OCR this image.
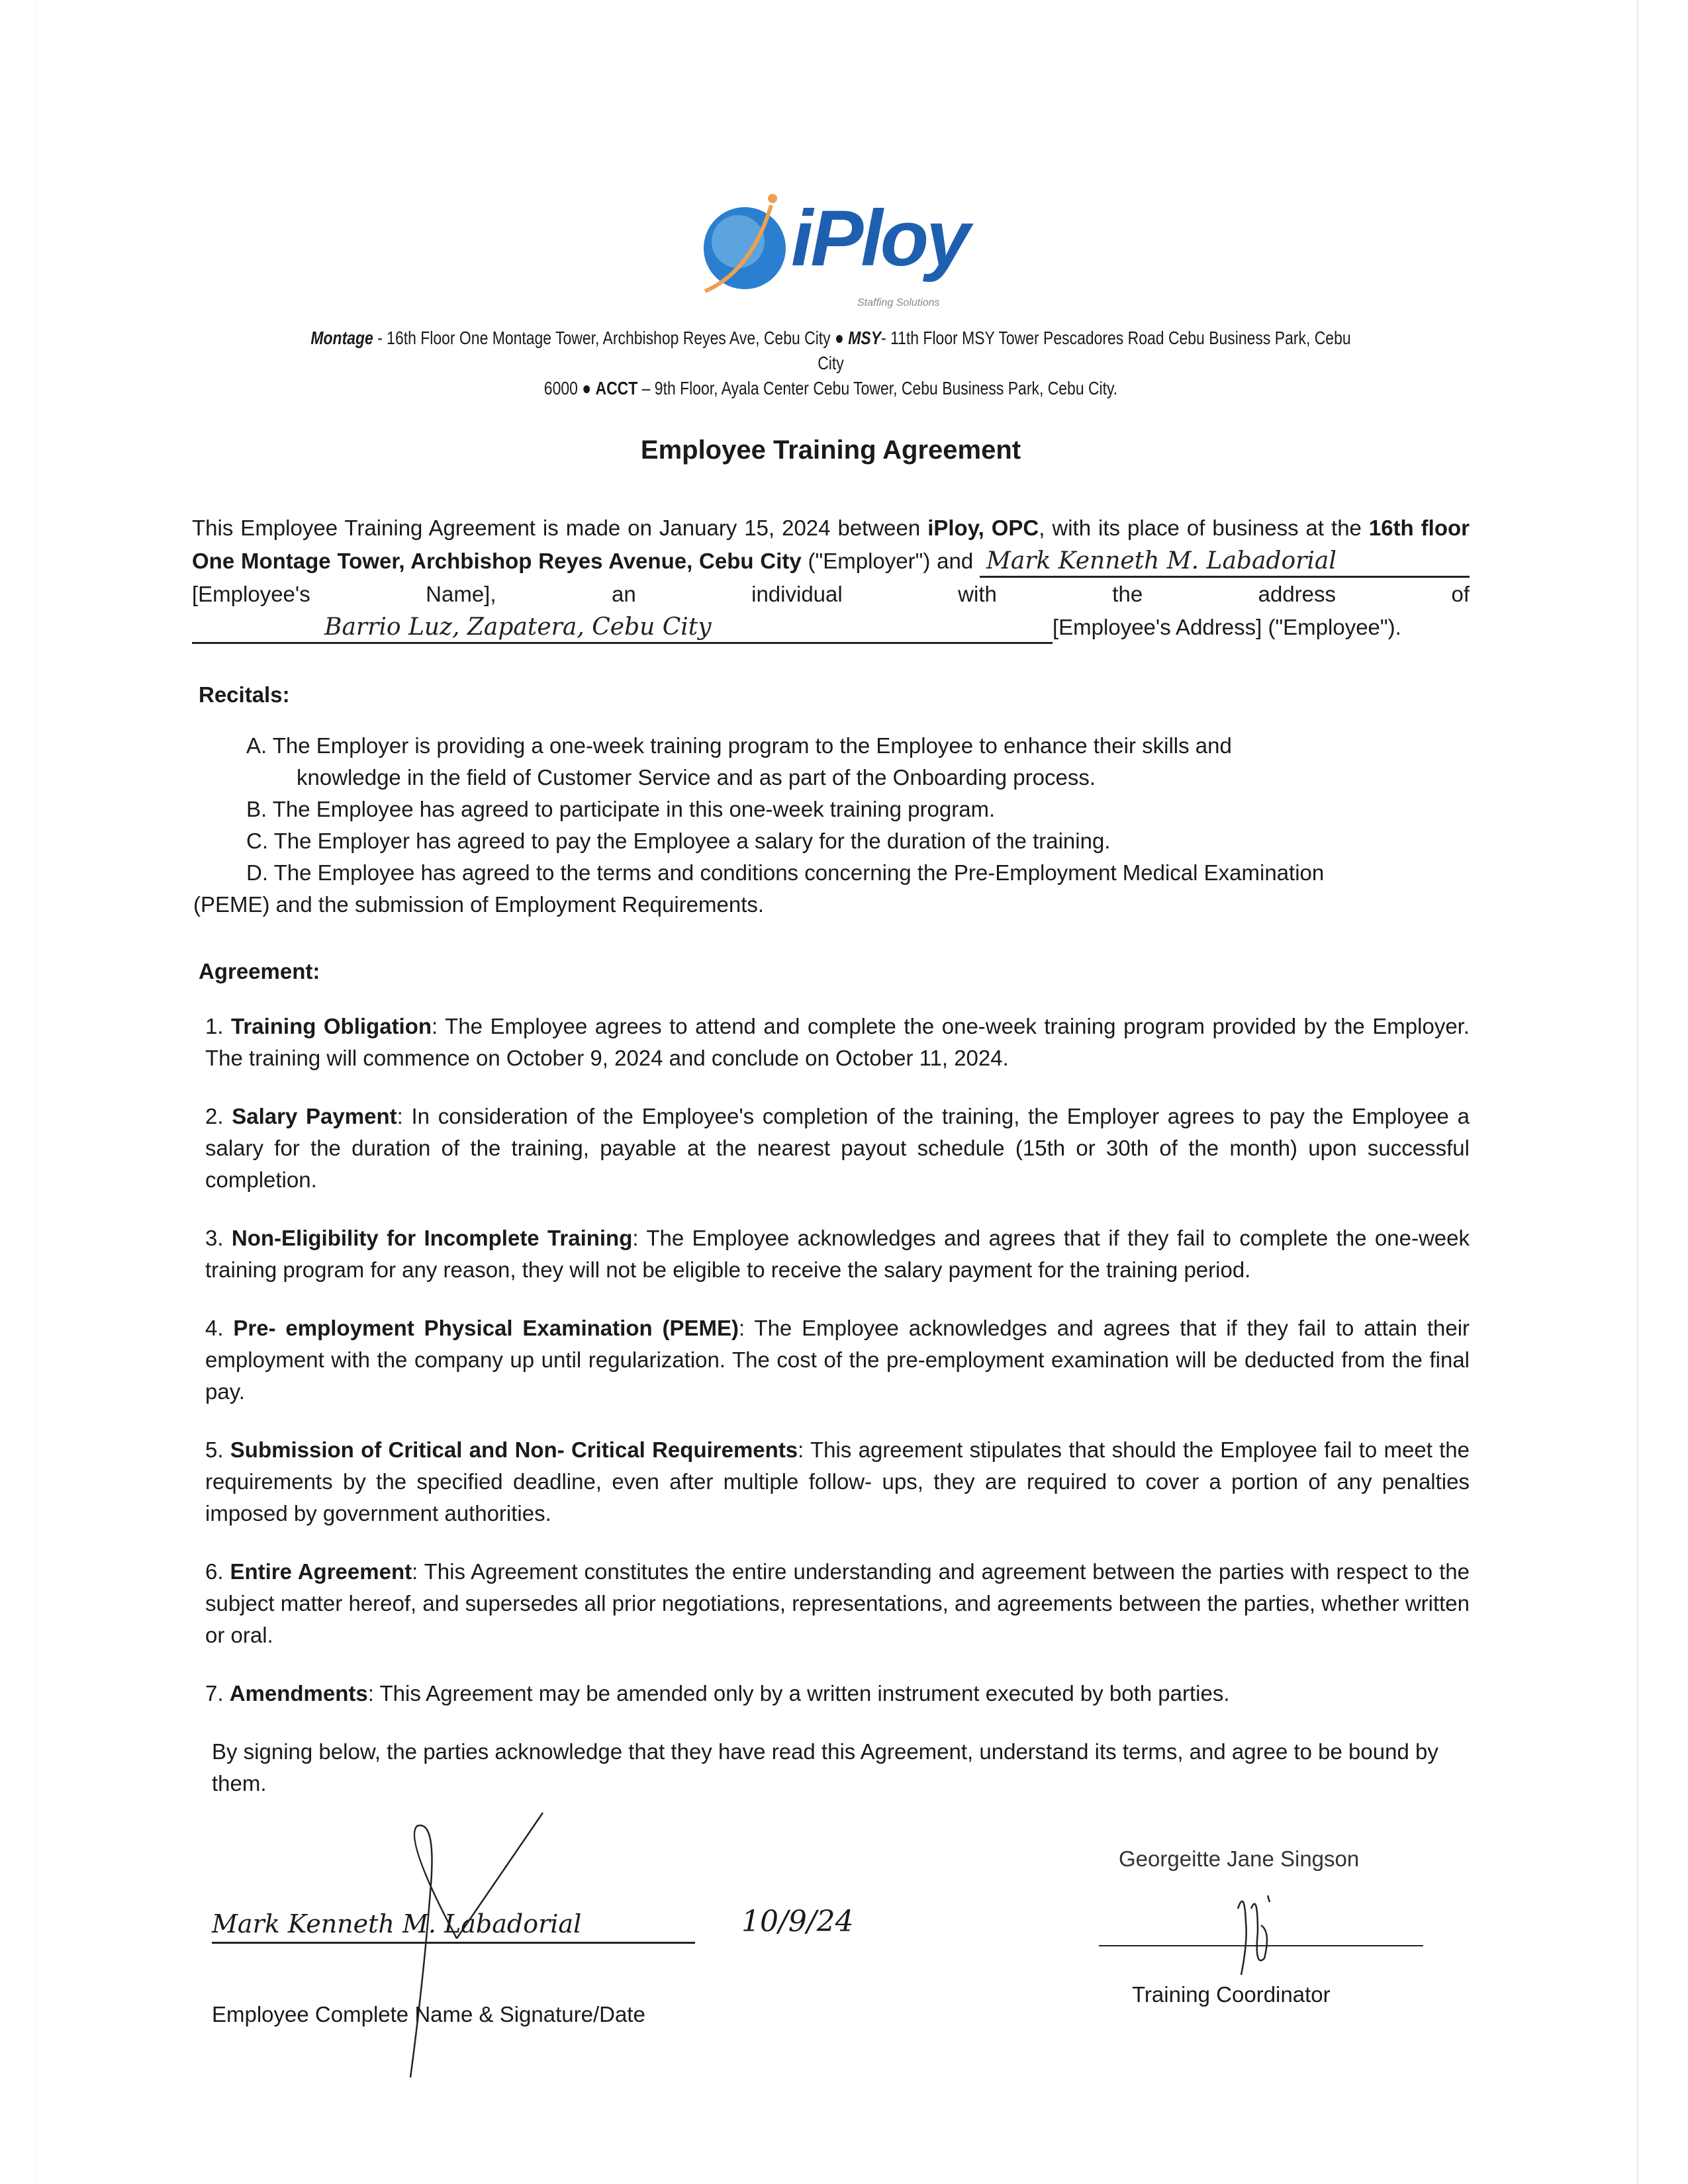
iPloy
Staffing Solutions
Montage - 16th Floor One Montage Tower, Archbishop Reyes Ave, Cebu City ● MSY- 11th Floor MSY Tower Pescadores Road Cebu Business Park, Cebu City
6000 ● ACCT – 9th Floor, Ayala Center Cebu Tower, Cebu Business Park, Cebu City.
Employee Training Agreement
This Employee Training Agreement is made on January 15, 2024 between iPloy, OPC, with its place of business at the 16th floor One Montage Tower, Archbishop Reyes Avenue, Cebu City ("Employer") and Mark Kenneth M. Labadorial [Employee's Name], an individual with the address of Barrio Luz, Zapatera, Cebu City	[Employee's Address] ("Employee").
Recitals:
A. The Employer is providing a one-week training program to the Employee to enhance their skills and
knowledge in the field of Customer Service and as part of the Onboarding process.
B. The Employee has agreed to participate in this one-week training program.
C. The Employer has agreed to pay the Employee a salary for the duration of the training.
D. The Employee has agreed to the terms and conditions concerning the Pre-Employment Medical Examination
(PEME) and the submission of Employment Requirements.
Agreement:
1. Training Obligation: The Employee agrees to attend and complete the one-week training program provided by the Employer. The training will commence on October 9, 2024 and conclude on October 11, 2024.
2. Salary Payment: In consideration of the Employee's completion of the training, the Employer agrees to pay the Employee a salary for the duration of the training, payable at the nearest payout schedule (15th or 30th of the month) upon successful completion.
3. Non-Eligibility for Incomplete Training: The Employee acknowledges and agrees that if they fail to complete the one-week training program for any reason, they will not be eligible to receive the salary payment for the training period.
4. Pre- employment Physical Examination (PEME): The Employee acknowledges and agrees that if they fail to attain their employment with the company up until regularization. The cost of the pre-employment examination will be deducted from the final pay.
5. Submission of Critical and Non- Critical Requirements: This agreement stipulates that should the Employee fail to meet the requirements by the specified deadline, even after multiple follow- ups, they are required to cover a portion of any penalties imposed by government authorities.
6. Entire Agreement: This Agreement constitutes the entire understanding and agreement between the parties with respect to the subject matter hereof, and supersedes all prior negotiations, representations, and agreements between the parties, whether written or oral.
7. Amendments: This Agreement may be amended only by a written instrument executed by both parties.
By signing below, the parties acknowledge that they have read this Agreement, understand its terms, and agree to be bound by them.
Mark Kenneth M. Labadorial	10/9/24
Employee Complete Name & Signature/Date
Georgeitte Jane Singson
Training Coordinator
